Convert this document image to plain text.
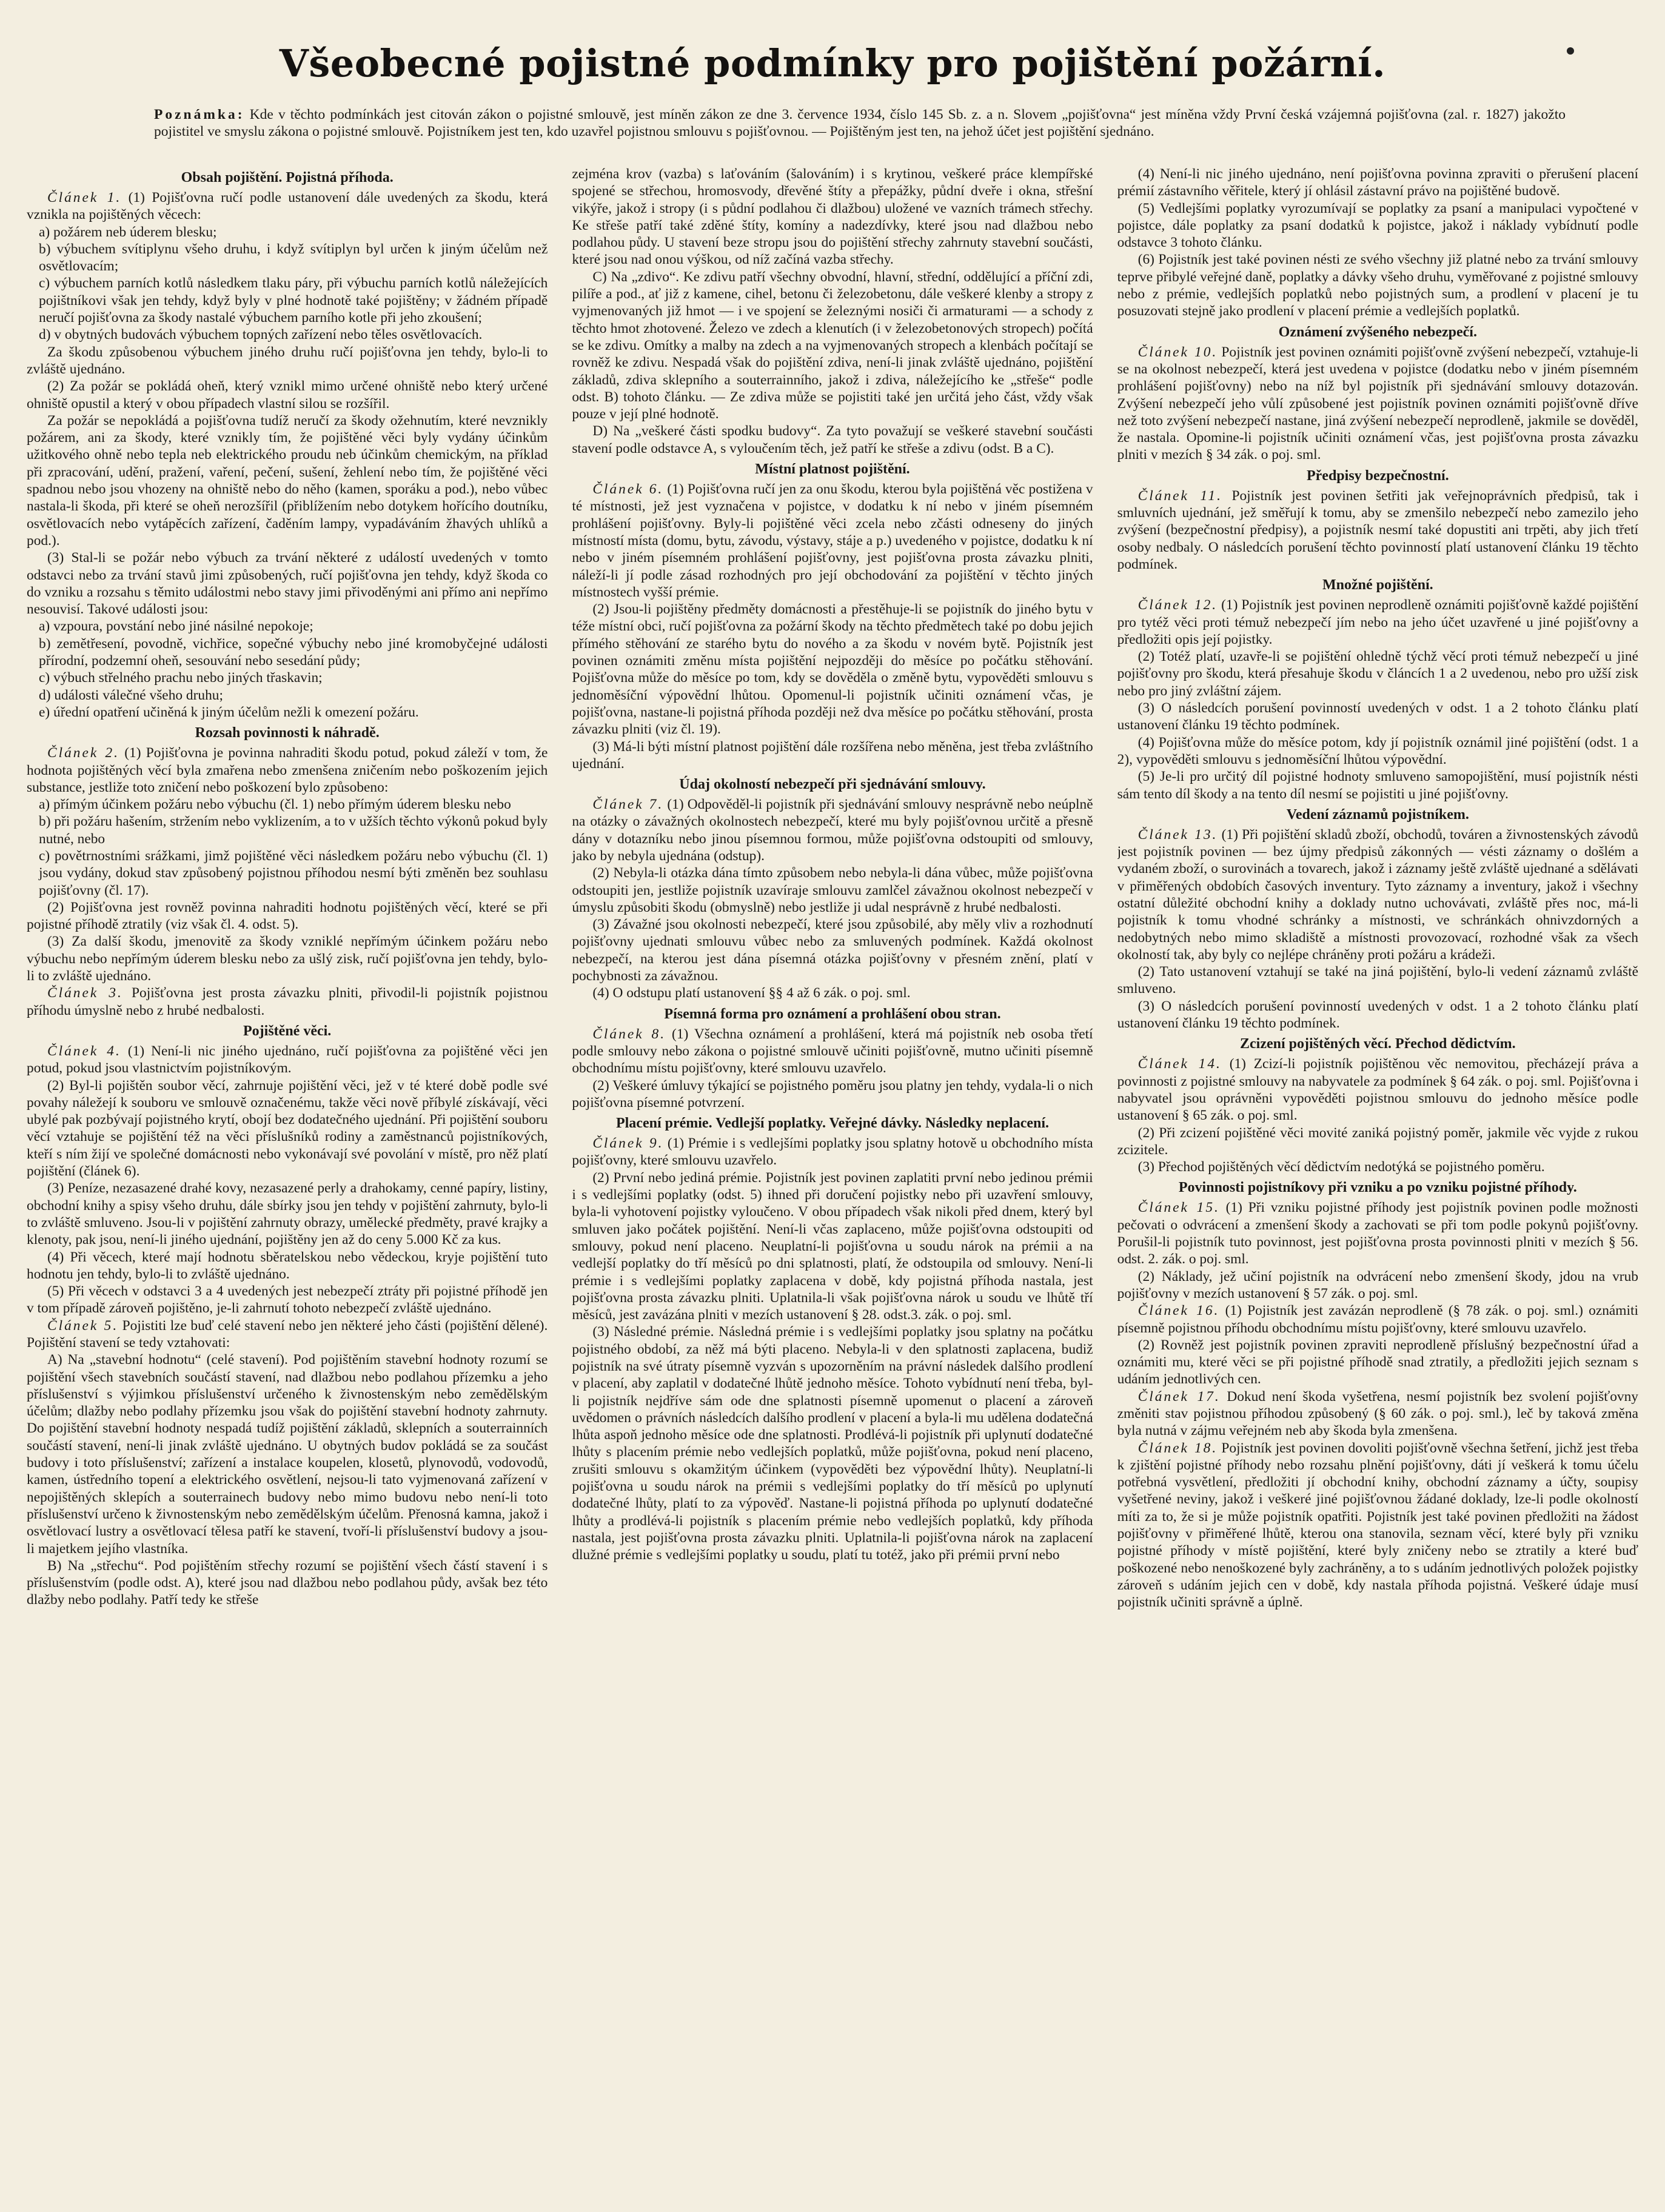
Všeobecné pojistné podmínky pro pojištění požární.
Poznámka: Kde v těchto podmínkách jest citován zákon o pojistné smlouvě, jest míněn zákon ze dne 3. července 1934, číslo 145 Sb. z. a n. Slovem „pojišťovna“ jest míněna vždy První česká vzájemná pojišťovna (zal. r. 1827) jakožto pojistitel ve smyslu zákona o pojistné smlouvě. Pojistníkem jest ten, kdo uzavřel pojistnou smlouvu s pojišťovnou. — Pojištěným jest ten, na jehož účet jest pojištění sjednáno.
Obsah pojištění. Pojistná příhoda.

Článek 1. (1) Pojišťovna ručí podle ustanovení dále uvedených za škodu, která vznikla na pojištěných věcech:

a) požárem neb úderem blesku;

b) výbuchem svítiplynu všeho druhu, i když svítiplyn byl určen k jiným účelům než osvětlovacím;

c) výbuchem parních kotlů následkem tlaku páry, při výbuchu parních kotlů náležejících pojištníkovi však jen tehdy, když byly v plné hodnotě také pojištěny; v žádném případě neručí pojišťovna za škody nastalé výbuchem parního kotle při jeho zkoušení;

d) v obytných budovách výbuchem topných zařízení nebo těles osvětlovacích.

Za škodu způsobenou výbuchem jiného druhu ručí pojišťovna jen tehdy, bylo-li to zvláště ujednáno.

(2) Za požár se pokládá oheň, který vznikl mimo určené ohniště nebo který určené ohniště opustil a který v obou případech vlastní silou se rozšířil.

Za požár se nepokládá a pojišťovna tudíž neručí za škody ožehnutím, které nevznikly požárem, ani za škody, které vznikly tím, že pojištěné věci byly vydány účinkům užitkového ohně nebo tepla neb elektrického proudu neb účinkům chemickým, na příklad při zpracování, udění, pražení, vaření, pečení, sušení, žehlení nebo tím, že pojištěné věci spadnou nebo jsou vhozeny na ohniště nebo do něho (kamen, sporáku a pod.), nebo vůbec nastala-li škoda, při které se oheň nerozšířil (přiblížením nebo dotykem hořícího doutníku, osvětlovacích nebo vytápěcích zařízení, čaděním lampy, vypadáváním žhavých uhlíků a pod.).

(3) Stal-li se požár nebo výbuch za trvání některé z událostí uvedených v tomto odstavci nebo za trvání stavů jimi způsobených, ručí pojišťovna jen tehdy, když škoda co do vzniku a rozsahu s těmito událostmi nebo stavy jimi přivoděnými ani přímo ani nepřímo nesouvisí. Takové události jsou:

a) vzpoura, povstání nebo jiné násilné nepokoje;

b) zemětřesení, povodně, vichřice, sopečné výbuchy nebo jiné kromobyčejné události přírodní, podzemní oheň, sesouvání nebo sesedání půdy;

c) výbuch střelného prachu nebo jiných třaskavin;

d) události válečné všeho druhu;

e) úřední opatření učiněná k jiným účelům nežli k omezení požáru.

Rozsah povinnosti k náhradě.

Článek 2. (1) Pojišťovna je povinna nahraditi škodu potud, pokud záleží v tom, že hodnota pojištěných věcí byla zmařena nebo zmenšena zničením nebo poškozením jejich substance, jestliže toto zničení nebo poškození bylo způsobeno:

a) přímým účinkem požáru nebo výbuchu (čl. 1) nebo přímým úderem blesku nebo

b) při požáru hašením, stržením nebo vyklizením, a to v užších těchto výkonů pokud byly nutné, nebo

c) povětrnostními srážkami, jimž pojištěné věci následkem požáru nebo výbuchu (čl. 1) jsou vydány, dokud stav způsobený pojistnou příhodou nesmí býti změněn bez souhlasu pojišťovny (čl. 17).

(2) Pojišťovna jest rovněž povinna nahraditi hodnotu pojištěných věcí, které se při pojistné příhodě ztratily (viz však čl. 4. odst. 5).

(3) Za další škodu, jmenovitě za škody vzniklé nepřímým účinkem požáru nebo výbuchu nebo nepřímým úderem blesku nebo za ušlý zisk, ručí pojišťovna jen tehdy, bylo-li to zvláště ujednáno.

Článek 3. Pojišťovna jest prosta závazku plniti, přivodil-li pojistník pojistnou příhodu úmyslně nebo z hrubé nedbalosti.

Pojištěné věci.

Článek 4. (1) Není-li nic jiného ujednáno, ručí pojišťovna za pojištěné věci jen potud, pokud jsou vlastnictvím pojistníkovým.

(2) Byl-li pojištěn soubor věcí, zahrnuje pojištění věci, jež v té které době podle své povahy náležejí k souboru ve smlouvě označenému, takže věci nově příbylé získávají, věci ubylé pak pozbývají pojistného krytí, obojí bez dodatečného ujednání. Při pojištění souboru věcí vztahuje se pojištění též na věci příslušníků rodiny a zaměstnanců pojistníkových, kteří s ním žijí ve společné domácnosti nebo vykonávají své povolání v místě, pro něž platí pojištění (článek 6).

(3) Peníze, nezasazené drahé kovy, nezasazené perly a drahokamy, cenné papíry, listiny, obchodní knihy a spisy všeho druhu, dále sbírky jsou jen tehdy v pojištění zahrnuty, bylo-li to zvláště smluveno. Jsou-li v pojištění zahrnuty obrazy, umělecké předměty, pravé krajky a klenoty, pak jsou, není-li jiného ujednání, pojištěny jen až do ceny 5.000 Kč za kus.

(4) Při věcech, které mají hodnotu sběratelskou nebo vědeckou, kryje pojištění tuto hodnotu jen tehdy, bylo-li to zvláště ujednáno.

(5) Při věcech v odstavci 3 a 4 uvedených jest nebezpečí ztráty při pojistné příhodě jen v tom případě zároveň pojištěno, je-li zahrnutí tohoto nebezpečí zvláště ujednáno.

Článek 5. Pojistiti lze buď celé stavení nebo jen některé jeho části (pojištění dělené). Pojištění stavení se tedy vztahovati:

A) Na „stavební hodnotu“ (celé stavení). Pod pojištěním stavební hodnoty rozumí se pojištění všech stavebních součástí stavení, nad dlažbou nebo podlahou přízemku a jeho příslušenství s výjimkou příslušenství určeného k živnostenským nebo zemědělským účelům; dlažby nebo podlahy přízemku jsou však do pojištění stavební hodnoty zahrnuty. Do pojištění stavební hodnoty nespadá tudíž pojištění základů, sklepních a souterrainních součástí stavení, není-li jinak zvláště ujednáno. U obytných budov pokládá se za součást budovy i toto příslušenství; zařízení a instalace koupelen, klosetů, plynovodů, vodovodů, kamen, ústředního topení a elektrického osvětlení, nejsou-li tato vyjmenovaná zařízení v nepojištěných sklepích a souterrainech budovy nebo mimo budovu nebo není-li toto příslušenství určeno k živnostenským nebo zemědělským účelům. Přenosná kamna, jakož i osvětlovací lustry a osvětlovací tělesa patří ke stavení, tvoří-li příslušenství budovy a jsou-li majetkem jejího vlastníka.

B) Na „střechu“. Pod pojištěním střechy rozumí se pojištění všech částí stavení i s příslušenstvím (podle odst. A), které jsou nad dlažbou nebo podlahou půdy, avšak bez této dlažby nebo podlahy. Patří tedy ke střeše

zejména krov (vazba) s laťováním (šalováním) i s krytinou, veškeré práce klempířské spojené se střechou, hromosvody, dřevěné štíty a přepážky, půdní dveře i okna, střešní vikýře, jakož i stropy (i s půdní podlahou či dlažbou) uložené ve vazních trámech střechy. Ke střeše patří také zděné štíty, komíny a nadezdívky, které jsou nad dlažbou nebo podlahou půdy. U stavení beze stropu jsou do pojištění střechy zahrnuty stavební součásti, které jsou nad onou výškou, od níž začíná vazba střechy.

C) Na „zdivo“. Ke zdivu patří všechny obvodní, hlavní, střední, oddělující a příční zdi, pilíře a pod., ať již z kamene, cihel, betonu či železobetonu, dále veškeré klenby a stropy z vyjmenovaných již hmot — i ve spojení se železnými nosiči či armaturami — a schody z těchto hmot zhotovené. Železo ve zdech a klenutích (i v železobetonových stropech) počítá se ke zdivu. Omítky a malby na zdech a na vyjmenovaných stropech a klenbách počítají se rovněž ke zdivu. Nespadá však do pojištění zdiva, není-li jinak zvláště ujednáno, pojištění základů, zdiva sklepního a souterrainního, jakož i zdiva, náležejícího ke „střeše“ podle odst. B) tohoto článku. — Ze zdiva může se pojistiti také jen určitá jeho část, vždy však pouze v její plné hodnotě.

D) Na „veškeré části spodku budovy“. Za tyto považují se veškeré stavební součásti stavení podle odstavce A, s vyloučením těch, jež patří ke střeše a zdivu (odst. B a C).

Místní platnost pojištění.

Článek 6. (1) Pojišťovna ručí jen za onu škodu, kterou byla pojištěná věc postižena v té místnosti, jež jest vyznačena v pojistce, v dodatku k ní nebo v jiném písemném prohlášení pojišťovny. Byly-li pojištěné věci zcela nebo zčásti odneseny do jiných místností místa (domu, bytu, závodu, výstavy, stáje a p.) uvedeného v pojistce, dodatku k ní nebo v jiném písemném prohlášení pojišťovny, jest pojišťovna prosta závazku plniti, náleží-li jí podle zásad rozhodných pro její obchodování za pojištění v těchto jiných místnostech vyšší prémie.

(2) Jsou-li pojištěny předměty domácnosti a přestěhuje-li se pojistník do jiného bytu v téže místní obci, ručí pojišťovna za požární škody na těchto předmětech také po dobu jejich přímého stěhování ze starého bytu do nového a za škodu v novém bytě. Pojistník jest povinen oznámiti změnu místa pojištění nejpozději do měsíce po počátku stěhování. Pojišťovna může do měsíce po tom, kdy se dověděla o změně bytu, vypověděti smlouvu s jednoměsíční výpovědní lhůtou. Opomenul-li pojistník učiniti oznámení včas, je pojišťovna, nastane-li pojistná příhoda později než dva měsíce po počátku stěhování, prosta závazku plniti (viz čl. 19).

(3) Má-li býti místní platnost pojištění dále rozšířena nebo měněna, jest třeba zvláštního ujednání.

Údaj okolností nebezpečí při sjednávání smlouvy.

Článek 7. (1) Odpověděl-li pojistník při sjednávání smlouvy nesprávně nebo neúplně na otázky o závažných okolnostech nebezpečí, které mu byly pojišťovnou určitě a přesně dány v dotazníku nebo jinou písemnou formou, může pojišťovna odstoupiti od smlouvy, jako by nebyla ujednána (odstup).

(2) Nebyla-li otázka dána tímto způsobem nebo nebyla-li dána vůbec, může pojišťovna odstoupiti jen, jestliže pojistník uzavíraje smlouvu zamlčel závažnou okolnost nebezpečí v úmyslu způsobiti škodu (obmyslně) nebo jestliže ji udal nesprávně z hrubé nedbalosti.

(3) Závažné jsou okolnosti nebezpečí, které jsou způsobilé, aby měly vliv a rozhodnutí pojišťovny ujednati smlouvu vůbec nebo za smluvených podmínek. Každá okolnost nebezpečí, na kterou jest dána písemná otázka pojišťovny v přesném znění, platí v pochybnosti za závažnou.

(4) O odstupu platí ustanovení §§ 4 až 6 zák. o poj. sml.

Písemná forma pro oznámení a prohlášení obou stran.

Článek 8. (1) Všechna oznámení a prohlášení, která má pojistník neb osoba třetí podle smlouvy nebo zákona o pojistné smlouvě učiniti pojišťovně, mutno učiniti písemně obchodnímu místu pojišťovny, které smlouvu uzavřelo.

(2) Veškeré úmluvy týkající se pojistného poměru jsou platny jen tehdy, vydala-li o nich pojišťovna písemné potvrzení.

Placení prémie. Vedlejší poplatky. Veřejné dávky. Následky neplacení.

Článek 9. (1) Prémie i s vedlejšími poplatky jsou splatny hotově u obchodního místa pojišťovny, které smlouvu uzavřelo.

(2) První nebo jediná prémie. Pojistník jest povinen zaplatiti první nebo jedinou prémii i s vedlejšími poplatky (odst. 5) ihned při doručení pojistky nebo při uzavření smlouvy, byla-li vyhotovení pojistky vyloučeno. V obou případech však nikoli před dnem, který byl smluven jako počátek pojištění. Není-li včas zaplaceno, může pojišťovna odstoupiti od smlouvy, pokud není placeno. Neuplatní-li pojišťovna u soudu nárok na prémii a na vedlejší poplatky do tří měsíců po dni splatnosti, platí, že odstoupila od smlouvy. Není-li prémie i s vedlejšími poplatky zaplacena v době, kdy pojistná příhoda nastala, jest pojišťovna prosta závazku plniti. Uplatnila-li však pojišťovna nárok u soudu ve lhůtě tří měsíců, jest zavázána plniti v mezích ustanovení § 28. odst.3. zák. o poj. sml.

(3) Následné prémie. Následná prémie i s vedlejšími poplatky jsou splatny na počátku pojistného období, za něž má býti placeno. Nebyla-li v den splatnosti zaplacena, budiž pojistník na své útraty písemně vyzván s upozorněním na právní následek dalšího prodlení v placení, aby zaplatil v dodatečné lhůtě jednoho měsíce. Tohoto vybídnutí není třeba, byl-li pojistník nejdříve sám ode dne splatnosti písemně upomenut o placení a zároveň uvědomen o právních následcích dalšího prodlení v placení a byla-li mu udělena dodatečná lhůta aspoň jednoho měsíce ode dne splatnosti. Prodlévá-li pojistník při uplynutí dodatečné lhůty s placením prémie nebo vedlejších poplatků, může pojišťovna, pokud není placeno, zrušiti smlouvu s okamžitým účinkem (vypověděti bez výpovědní lhůty). Neuplatní-li pojišťovna u soudu nárok na prémii s vedlejšími poplatky do tří měsíců po uplynutí dodatečné lhůty, platí to za výpověď. Nastane-li pojistná příhoda po uplynutí dodatečné lhůty a prodlévá-li pojistník s placením prémie nebo vedlejších poplatků, kdy příhoda nastala, jest pojišťovna prosta závazku plniti. Uplatnila-li pojišťovna nárok na zaplacení dlužné prémie s vedlejšími poplatky u soudu, platí tu totéž, jako při prémii první nebo

(4) Není-li nic jiného ujednáno, není pojišťovna povinna zpraviti o přerušení placení prémií zástavního věřitele, který jí ohlásil zástavní právo na pojištěné budově.

(5) Vedlejšími poplatky vyrozumívají se poplatky za psaní a manipulaci vypočtené v pojistce, dále poplatky za psaní dodatků k pojistce, jakož i náklady vybídnutí podle odstavce 3 tohoto článku.

(6) Pojistník jest také povinen nésti ze svého všechny již platné nebo za trvání smlouvy teprve přibylé veřejné daně, poplatky a dávky všeho druhu, vyměřované z pojistné smlouvy nebo z prémie, vedlejších poplatků nebo pojistných sum, a prodlení v placení je tu posuzovati stejně jako prodlení v placení prémie a vedlejších poplatků.

Oznámení zvýšeného nebezpečí.

Článek 10. Pojistník jest povinen oznámiti pojišťovně zvýšení nebezpečí, vztahuje-li se na okolnost nebezpečí, která jest uvedena v pojistce (dodatku nebo v jiném písemném prohlášení pojišťovny) nebo na níž byl pojistník při sjednávání smlouvy dotazován. Zvýšení nebezpečí jeho vůlí způsobené jest pojistník povinen oznámiti pojišťovně dříve než toto zvýšení nebezpečí nastane, jiná zvýšení nebezpečí neprodleně, jakmile se dověděl, že nastala. Opomine-li pojistník učiniti oznámení včas, jest pojišťovna prosta závazku plniti v mezích § 34 zák. o poj. sml.

Předpisy bezpečnostní.

Článek 11. Pojistník jest povinen šetřiti jak veřejnoprávních předpisů, tak i smluvních ujednání, jež směřují k tomu, aby se zmenšilo nebezpečí nebo zamezilo jeho zvýšení (bezpečnostní předpisy), a pojistník nesmí také dopustiti ani trpěti, aby jich třetí osoby nedbaly. O následcích porušení těchto povinností platí ustanovení článku 19 těchto podmínek.

Množné pojištění.

Článek 12. (1) Pojistník jest povinen neprodleně oznámiti pojišťovně každé pojištění pro tytéž věci proti témuž nebezpečí jím nebo na jeho účet uzavřené u jiné pojišťovny a předložiti opis její pojistky.

(2) Totéž platí, uzavře-li se pojištění ohledně týchž věcí proti témuž nebezpečí u jiné pojišťovny pro škodu, která přesahuje škodu v článcích 1 a 2 uvedenou, nebo pro užší zisk nebo pro jiný zvláštní zájem.

(3) O následcích porušení povinností uvedených v odst. 1 a 2 tohoto článku platí ustanovení článku 19 těchto podmínek.

(4) Pojišťovna může do měsíce potom, kdy jí pojistník oznámil jiné pojištění (odst. 1 a 2), vypověděti smlouvu s jednoměsíční lhůtou výpovědní.

(5) Je-li pro určitý díl pojistné hodnoty smluveno samopojištění, musí pojistník nésti sám tento díl škody a na tento díl nesmí se pojistiti u jiné pojišťovny.

Vedení záznamů pojistníkem.

Článek 13. (1) Při pojištění skladů zboží, obchodů, továren a živnostenských závodů jest pojistník povinen — bez újmy předpisů zákonných — vésti záznamy o došlém a vydaném zboží, o surovinách a tovarech, jakož i záznamy ještě zvláště ujednané a sdělávati v přiměřených obdobích časových inventury. Tyto záznamy a inventury, jakož i všechny ostatní důležité obchodní knihy a doklady nutno uchovávati, zvláště přes noc, má-li pojistník k tomu vhodné schránky a místnosti, ve schránkách ohnivzdorných a nedobytných nebo mimo skladiště a místnosti provozovací, rozhodné však za všech okolností tak, aby byly co nejlépe chráněny proti požáru a krádeži.

(2) Tato ustanovení vztahují se také na jiná pojištění, bylo-li vedení záznamů zvláště smluveno.

(3) O následcích porušení povinností uvedených v odst. 1 a 2 tohoto článku platí ustanovení článku 19 těchto podmínek.

Zcizení pojištěných věcí. Přechod dědictvím.

Článek 14. (1) Zcizí-li pojistník pojištěnou věc nemovitou, přecházejí práva a povinnosti z pojistné smlouvy na nabyvatele za podmínek § 64 zák. o poj. sml. Pojišťovna i nabyvatel jsou oprávněni vypověděti pojistnou smlouvu do jednoho měsíce podle ustanovení § 65 zák. o poj. sml.

(2) Při zcizení pojištěné věci movité zaniká pojistný poměr, jakmile věc vyjde z rukou zcizitele.

(3) Přechod pojištěných věcí dědictvím nedotýká se pojistného poměru.

Povinnosti pojistníkovy při vzniku a po vzniku pojistné příhody.

Článek 15. (1) Při vzniku pojistné příhody jest pojistník povinen podle možnosti pečovati o odvrácení a zmenšení škody a zachovati se při tom podle pokynů pojišťovny. Porušil-li pojistník tuto povinnost, jest pojišťovna prosta povinnosti plniti v mezích § 56. odst. 2. zák. o poj. sml.

(2) Náklady, jež učiní pojistník na odvrácení nebo zmenšení škody, jdou na vrub pojišťovny v mezích ustanovení § 57 zák. o poj. sml.

Článek 16. (1) Pojistník jest zavázán neprodleně (§ 78 zák. o poj. sml.) oznámiti písemně pojistnou příhodu obchodnímu místu pojišťovny, které smlouvu uzavřelo.

(2) Rovněž jest pojistník povinen zpraviti neprodleně příslušný bezpečnostní úřad a oznámiti mu, které věci se při pojistné příhodě snad ztratily, a předložiti jejich seznam s udáním jednotlivých cen.

Článek 17. Dokud není škoda vyšetřena, nesmí pojistník bez svolení pojišťovny změniti stav pojistnou příhodou způsobený (§ 60 zák. o poj. sml.), leč by taková změna byla nutná v zájmu veřejném neb aby škoda byla zmenšena.

Článek 18. Pojistník jest povinen dovoliti pojišťovně všechna šetření, jichž jest třeba k zjištění pojistné příhody nebo rozsahu plnění pojišťovny, dáti jí veškerá k tomu účelu potřebná vysvětlení, předložiti jí obchodní knihy, obchodní záznamy a účty, soupisy vyšetřené neviny, jakož i veškeré jiné pojišťovnou žádané doklady, lze-li podle okolností míti za to, že si je může pojistník opatřiti. Pojistník jest také povinen předložiti na žádost pojišťovny v přiměřené lhůtě, kterou ona stanovila, seznam věcí, které byly při vzniku pojistné příhody v místě pojištění, které byly zničeny nebo se ztratily a které buď poškozené nebo nenoškozené byly zachráněny, a to s udáním jednotlivých položek pojistky zároveň s udáním jejich cen v době, kdy nastala příhoda pojistná. Veškeré údaje musí pojistník učiniti správně a úplně.
